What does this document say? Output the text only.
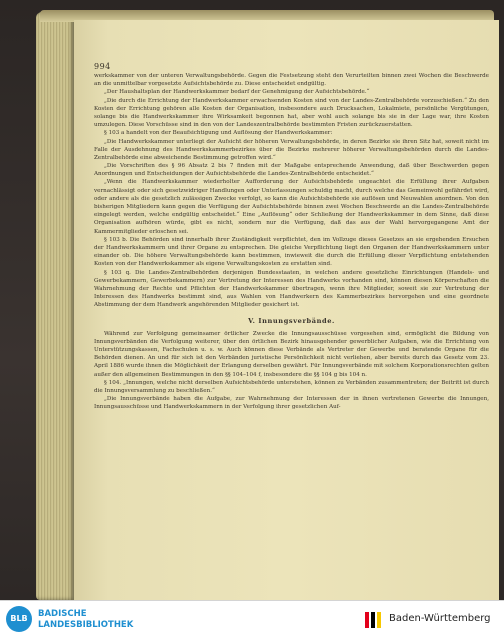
994

werkskammer von der unteren Verwaltungsbehörde. Gegen die Festsetzung steht den Verurteilten binnen zwei Wochen die Beschwerde an die unmittelbar vorgesetzte Aufsichtsbehörde zu. Diese entscheidet endgültig.

„Der Haushaltsplan der Handwerkskammer bedarf der Genehmigung der Aufsichtsbehörde.“

„Die durch die Errichtung der Handwerkskammer erwachsenden Kosten sind von der Landes-Zentralbehörde vorzuschießen.“ Zu den Kosten der Errichtung gehören alle Kosten der Organisation, insbesondere auch Drucksachen, Lokalmiete, persönliche Vergütungen, solange bis die Handwerkskammer ihre Wirksamkeit begonnen hat, aber wohl auch solange bis sie in der Lage war, ihre Kosten umzulegen. Diese Vorschüsse sind in den von der Landeszentralbehörde bestimmten Fristen zurückzuerstatten.

§ 103 a handelt von der Beaufsichtigung und Auflösung der Handwerkskammer:

„Die Handwerkskammer unterliegt der Aufsicht der höheren Verwaltungsbehörde, in deren Bezirke sie ihren Sitz hat, soweit nicht im Falle der Ausdehnung des Handwerkskammerbezirkes über die Bezirke mehrerer höherer Verwaltungsbehörden durch die Landes-Zentralbehörde eine abweichende Bestimmung getroffen wird.“

„Die Vorschriften des § 96 Absatz 2 bis 7 finden mit der Maßgabe entsprechende Anwendung, daß über Beschwerden gegen Anordnungen und Entscheidungen der Aufsichtsbehörde die Landes-Zentralbehörde entscheidet.“

„Wenn die Handwerkskammer wiederholter Aufforderung der Aufsichtsbehörde ungeachtet die Erfüllung ihrer Aufgaben vernachlässigt oder sich gesetzwidriger Handlungen oder Unterlassungen schuldig macht, durch welche das Gemeinwohl gefährdet wird, oder andere als die gesetzlich zulässigen Zwecke verfolgt, so kann die Aufsichtsbehörde sie auflösen und Neuwahlen anordnen. Von den bisherigen Mitgliedern kann gegen die Verfügung der Aufsichtsbehörde binnen zwei Wochen Beschwerde an die Landes-Zentralbehörde eingelegt werden, welche endgültig entscheidet.“ Eine „Auflösung“ oder Schließung der Handwerkskammer in dem Sinne, daß diese Organisation aufhören würde, gibt es nicht, sondern nur die Verfügung, daß das aus der Wahl hervorgegangene Amt der Kammermitglieder erloschen sei.

§ 103 b. Die Behörden sind innerhalb ihrer Zuständigkeit verpflichtet, den im Vollzuge dieses Gesetzes an sie ergehenden Ersuchen der Handwerkskammern und ihrer Organe zu entsprechen. Die gleiche Verpflichtung liegt den Organen der Handwerkskammern unter einander ob. Die höhere Verwaltungsbehörde kann bestimmen, inwieweit die durch die Erfüllung dieser Verpflichtung entstehenden Kosten von der Handwerkskammer als eigene Verwaltungskosten zu erstatten sind.

§ 103 q. Die Landes-Zentralbehörden derjenigen Bundesstaaten, in welchen andere gesetzliche Einrichtungen (Handels- und Gewerbekammern, Gewerbekammern) zur Vertretung der Interessen des Handwerks vorhanden sind, können diesen Körperschaften die Wahrnehmung der Rechte und Pflichten der Handwerkskammer übertragen, wenn ihre Mitglieder, soweit sie zur Vertretung der Interessen des Handwerks bestimmt sind, aus Wahlen von Handwerkern des Kammerbezirkes hervorgehen und eine geordnete Abstimmung der dem Handwerk angehörenden Mitglieder gesichert ist.

V. Innungsverbände.

Während zur Verfolgung gemeinsamer örtlicher Zwecke die Innungsausschüsse vorgesehen sind, ermöglicht die Bildung von Innungsverbänden die Verfolgung weiterer, über den örtlichen Bezirk hinausgehender gewerblicher Aufgaben, wie die Errichtung von Unterstützungskassen, Fachschulen u. s. w. Auch können diese Verbände als Vertreter der Gewerbe und beratende Organe für die Behörden dienen. An und für sich ist den Verbänden juristische Persönlichkeit nicht verliehen, aber bereits durch das Gesetz vom 23. April 1886 wurde ihnen die Möglichkeit der Erlangung derselben gewährt. Für Innungsverbände mit solchem Korporationsrechten gelten außer den allgemeinen Bestimmungen in den §§ 104–104 f, insbesondere die §§ 104 g bis 104 n.

§ 104. „Innungen, welche nicht derselben Aufsichtsbehörde unterstehen, können zu Verbänden zusammentreten; der Beitritt ist durch die Innungsversammlung zu beschließen.“

„Die Innungsverbände haben die Aufgabe, zur Wahrnehmung der Interessen der in ihnen vertretenen Gewerbe die Innungen, Innungsausschüsse und Handwerkskammern in der Verfolgung ihrer gesetzlichen Auf-

BLB	BADISCHE
LANDESBIBLIOTHEK
Baden-Württemberg
